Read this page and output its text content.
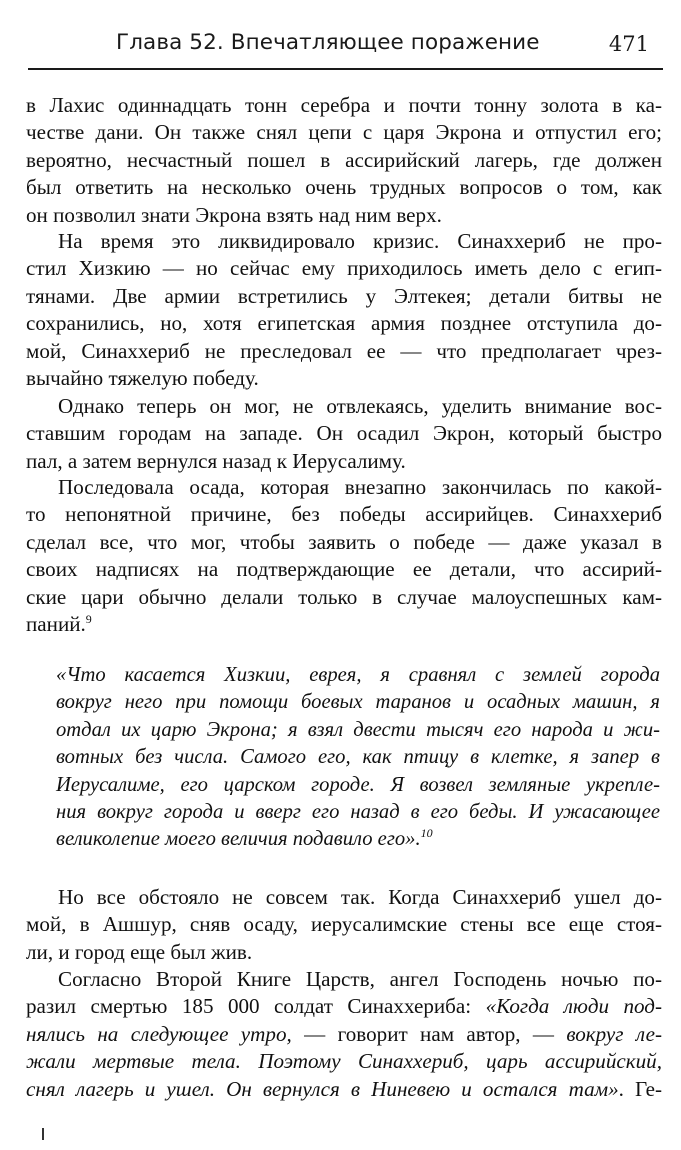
Глава 52. Впечатляющее поражение	471
в Лахис одиннадцать тонн серебра и почти тонну золота в ка-
честве дани. Он также снял цепи с царя Экрона и отпустил его;
вероятно, несчастный пошел в ассирийский лагерь, где должен
был ответить на несколько очень трудных вопросов о том, как
он позволил знати Экрона взять над ним верх.
На время это ликвидировало кризис. Синаххериб не про-
стил Хизкию — но сейчас ему приходилось иметь дело с егип-
тянами. Две армии встретились у Элтекея; детали битвы не
сохранились, но, хотя египетская армия позднее отступила до-
мой, Синаххериб не преследовал ее — что предполагает чрез-
вычайно тяжелую победу.
Однако теперь он мог, не отвлекаясь, уделить внимание вос-
ставшим городам на западе. Он осадил Экрон, который быстро
пал, а затем вернулся назад к Иерусалиму.
Последовала осада, которая внезапно закончилась по какой-
то непонятной причине, без победы ассирийцев. Синаххериб
сделал все, что мог, чтобы заявить о победе — даже указал в
своих надписях на подтверждающие ее детали, что ассирий-
ские цари обычно делали только в случае малоуспешных кам-
паний.$^9$
«Что касается Хизкии, еврея, я сравнял с землей города
вокруг него при помощи боевых таранов и осадных машин, я
отдал их царю Экрона; я взял двести тысяч его народа и жи-
вотных без числа. Самого его, как птицу в клетке, я запер в
Иерусалиме, его царском городе. Я возвел земляные укрепле-
ния вокруг города и вверг его назад в его беды. И ужасающее
великолепие моего величия подавило его».$^{10}$
Но все обстояло не совсем так. Когда Синаххериб ушел до-
мой, в Ашшур, сняв осаду, иерусалимские стены все еще стоя-
ли, и город еще был жив.
Согласно Второй Книге Царств, ангел Господень ночью по-
разил смертью 185 000 солдат Синаххериба: «Когда люди под-
нялись на следующее утро, — говорит нам автор, — вокруг ле-
жали мертвые тела. Поэтому Синаххериб, царь ассирийский,
снял лагерь и ушел. Он вернулся в Ниневею и остался там». Ге-
